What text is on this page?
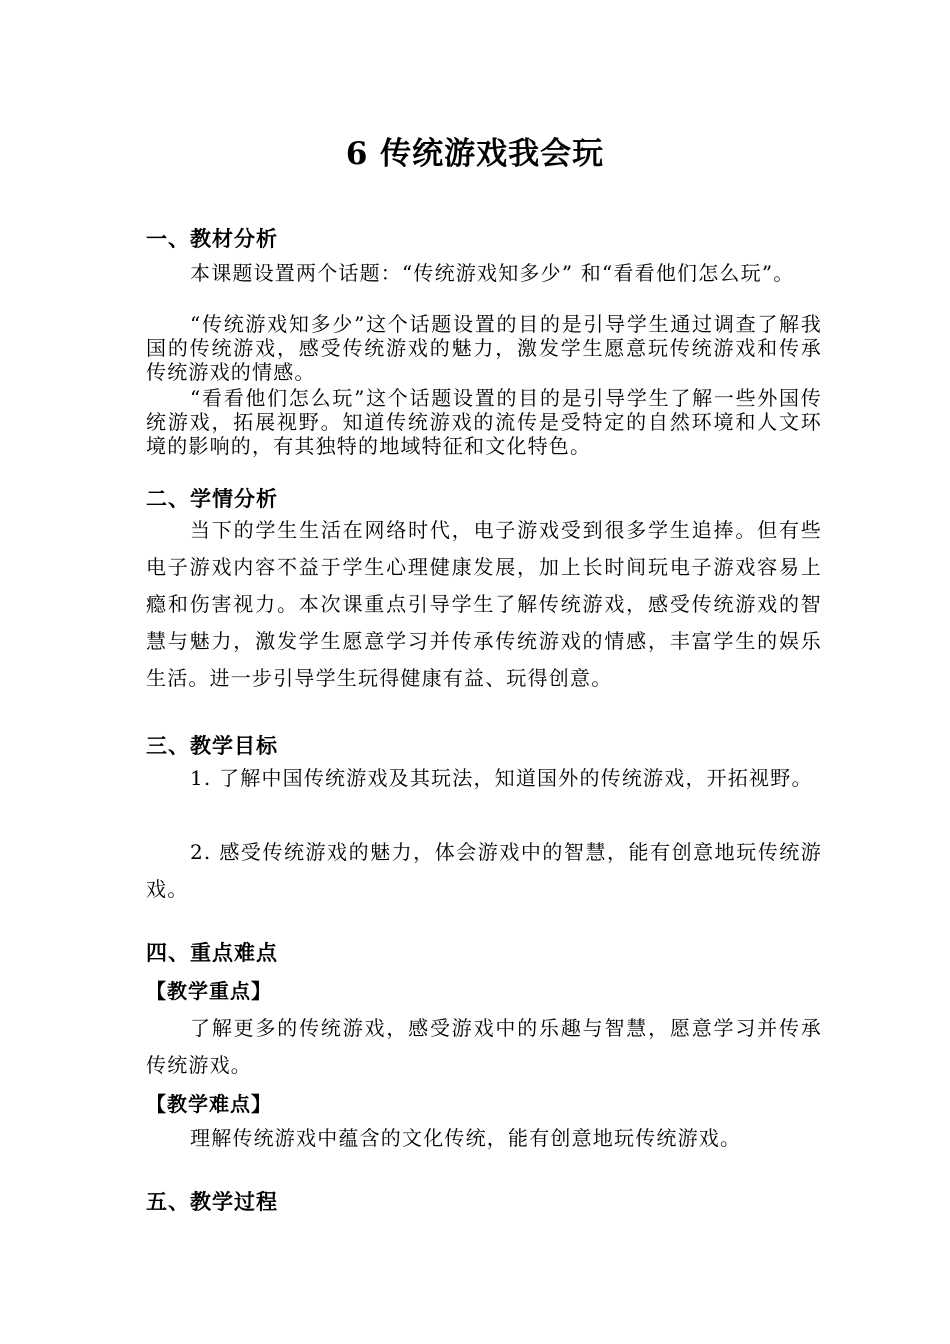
6 传统游戏我会玩
一、教材分析
本课题设置两个话题：“传统游戏知多少” 和“看看他们怎么玩”。
“传统游戏知多少”这个话题设置的目的是引导学生通过调查了解我国的传统游戏，感受传统游戏的魅力，激发学生愿意玩传统游戏和传承传统游戏的情感。
“看看他们怎么玩”这个话题设置的目的是引导学生了解一些外国传统游戏，拓展视野。知道传统游戏的流传是受特定的自然环境和人文环境的影响的，有其独特的地域特征和文化特色。
二、学情分析
当下的学生生活在网络时代，电子游戏受到很多学生追捧。但有些电子游戏内容不益于学生心理健康发展，加上长时间玩电子游戏容易上瘾和伤害视力。本次课重点引导学生了解传统游戏，感受传统游戏的智慧与魅力，激发学生愿意学习并传承传统游戏的情感，丰富学生的娱乐生活。进一步引导学生玩得健康有益、玩得创意。
三、教学目标
1. 了解中国传统游戏及其玩法，知道国外的传统游戏，开拓视野。
2. 感受传统游戏的魅力，体会游戏中的智慧，能有创意地玩传统游戏。
四、重点难点
【教学重点】
了解更多的传统游戏，感受游戏中的乐趣与智慧，愿意学习并传承传统游戏。
【教学难点】
理解传统游戏中蕴含的文化传统，能有创意地玩传统游戏。
五、教学过程
